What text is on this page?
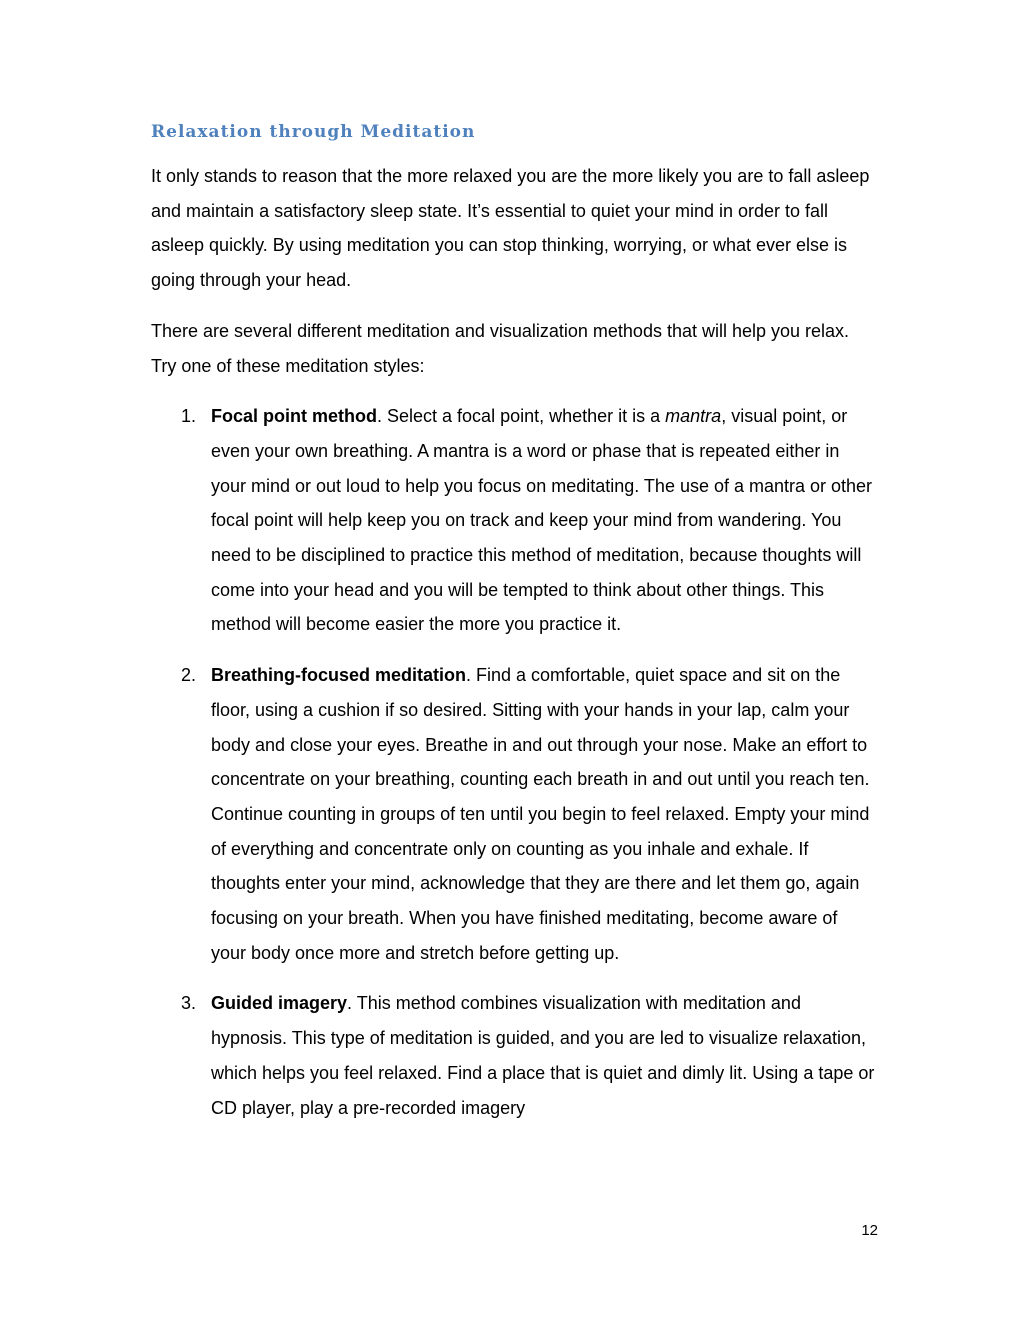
Relaxation through Meditation

It only stands to reason that the more relaxed you are the more likely you are to fall asleep and maintain a satisfactory sleep state. It’s essential to quiet your mind in order to fall asleep quickly. By using meditation you can stop thinking, worrying, or what ever else is going through your head.

There are several different meditation and visualization methods that will help you relax. Try one of these meditation styles:

1. Focal point method. Select a focal point, whether it is a mantra, visual point, or even your own breathing. A mantra is a word or phase that is repeated either in your mind or out loud to help you focus on meditating. The use of a mantra or other focal point will help keep you on track and keep your mind from wandering. You need to be disciplined to practice this method of meditation, because thoughts will come into your head and you will be tempted to think about other things. This method will become easier the more you practice it.
2. Breathing-focused meditation. Find a comfortable, quiet space and sit on the floor, using a cushion if so desired. Sitting with your hands in your lap, calm your body and close your eyes. Breathe in and out through your nose. Make an effort to concentrate on your breathing, counting each breath in and out until you reach ten. Continue counting in groups of ten until you begin to feel relaxed. Empty your mind of everything and concentrate only on counting as you inhale and exhale. If thoughts enter your mind, acknowledge that they are there and let them go, again focusing on your breath. When you have finished meditating, become aware of your body once more and stretch before getting up.
3. Guided imagery. This method combines visualization with meditation and hypnosis. This type of meditation is guided, and you are led to visualize relaxation, which helps you feel relaxed. Find a place that is quiet and dimly lit. Using a tape or CD player, play a pre-recorded imagery
12
